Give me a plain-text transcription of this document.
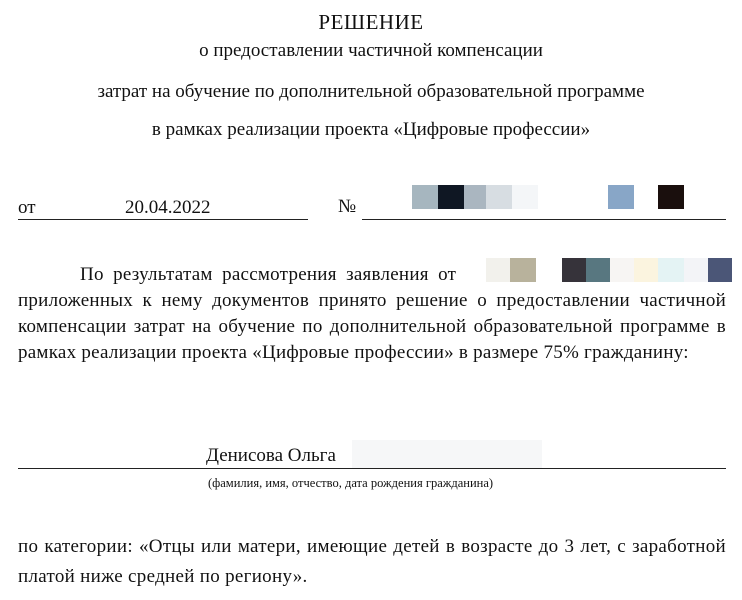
РЕШЕНИЕ
о предоставлении частичной компенсации
затрат на обучение по дополнительной образовательной программе
в рамках реализации проекта «Цифровые профессии»
от	20.04.2022	№
По результатам рассмотрения заявления от приложенных к нему документов принято решение о предоставлении частичной компенсации затрат на обучение по дополнительной образовательной программе в рамках реализации проекта «Цифровые профессии» в размере 75% гражданину:
Денисова Ольга
(фамилия, имя, отчество, дата рождения гражданина)
по категории: «Отцы или матери, имеющие детей в возрасте до 3 лет, с заработной платой ниже средней по региону».
